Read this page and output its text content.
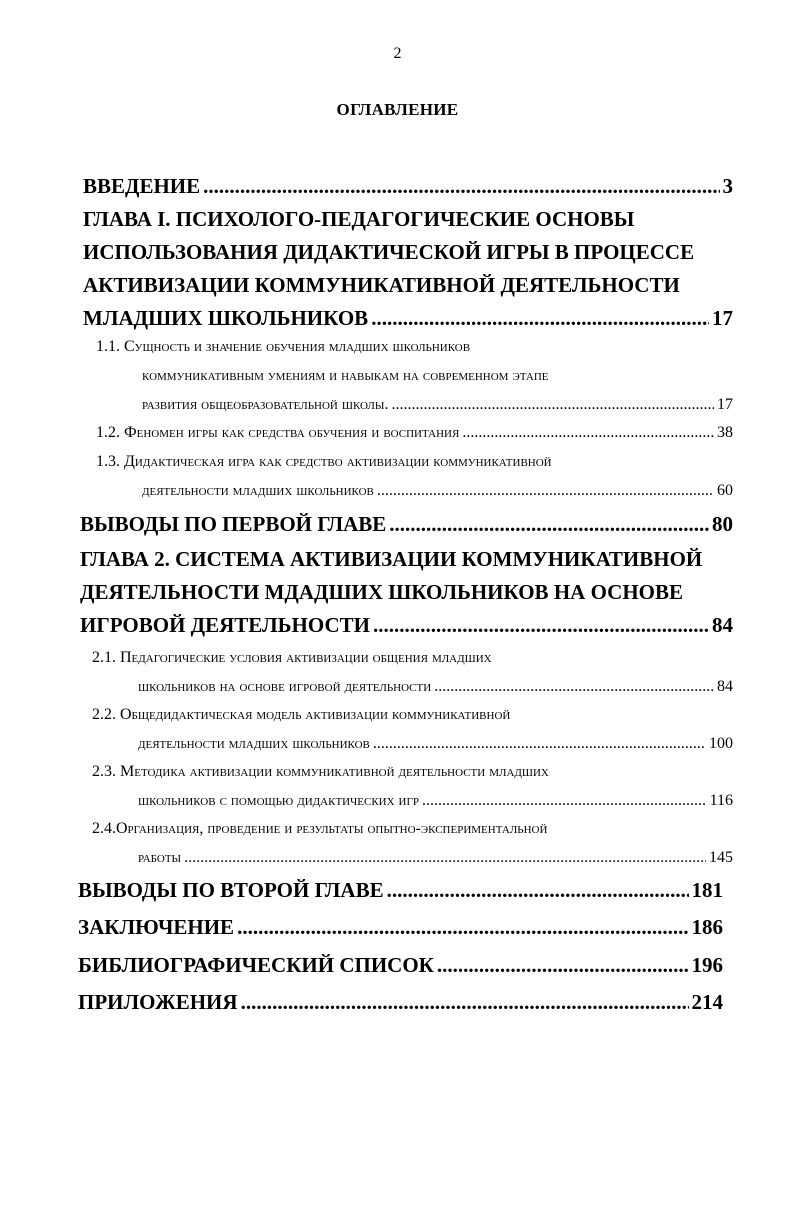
2
ОГЛАВЛЕНИЕ
ВВЕДЕНИЕ .....	3
ГЛАВА I. ПСИХОЛОГО-ПЕДАГОГИЧЕСКИЕ ОСНОВЫ
ИСПОЛЬЗОВАНИЯ ДИДАКТИЧЕСКОЙ ИГРЫ В ПРОЦЕССЕ
АКТИВИЗАЦИИ КОММУНИКАТИВНОЙ ДЕЯТЕЛЬНОСТИ
МЛАДШИХ ШКОЛЬНИКОВ .....	17
1.1. Сущность и значение обучения младших школьников
коммуникативным умениям и навыкам на современном этапе
развития общеобразовательной школы. .....	17
1.2. Феномен игры как средства обучения и воспитания .....	38
1.3. Дидактическая игра как средство активизации коммуникативной
деятельности младших школьников .....	60
ВЫВОДЫ ПО ПЕРВОЙ ГЛАВЕ .....	80
ГЛАВА 2. СИСТЕМА АКТИВИЗАЦИИ КОММУНИКАТИВНОЙ
ДЕЯТЕЛЬНОСТИ МДАДШИХ ШКОЛЬНИКОВ НА ОСНОВЕ
ИГРОВОЙ ДЕЯТЕЛЬНОСТИ .....	84
2.1. Педагогические условия активизации общения младших
школьников на основе игровой деятельности .....	84
2.2. Общедидактическая модель активизации коммуникативной
деятельности младших школьников .....	100
2.3. Методика активизации коммуникативной деятельности младших
школьников с помощью дидактических игр .....	116
2.4.Организация, проведение и результаты опытно-экспериментальной
работы .....	145
ВЫВОДЫ ПО ВТОРОЙ ГЛАВЕ .....	181
ЗАКЛЮЧЕНИЕ .....	186
БИБЛИОГРАФИЧЕСКИЙ СПИСОК .....	196
ПРИЛОЖЕНИЯ .....	214
